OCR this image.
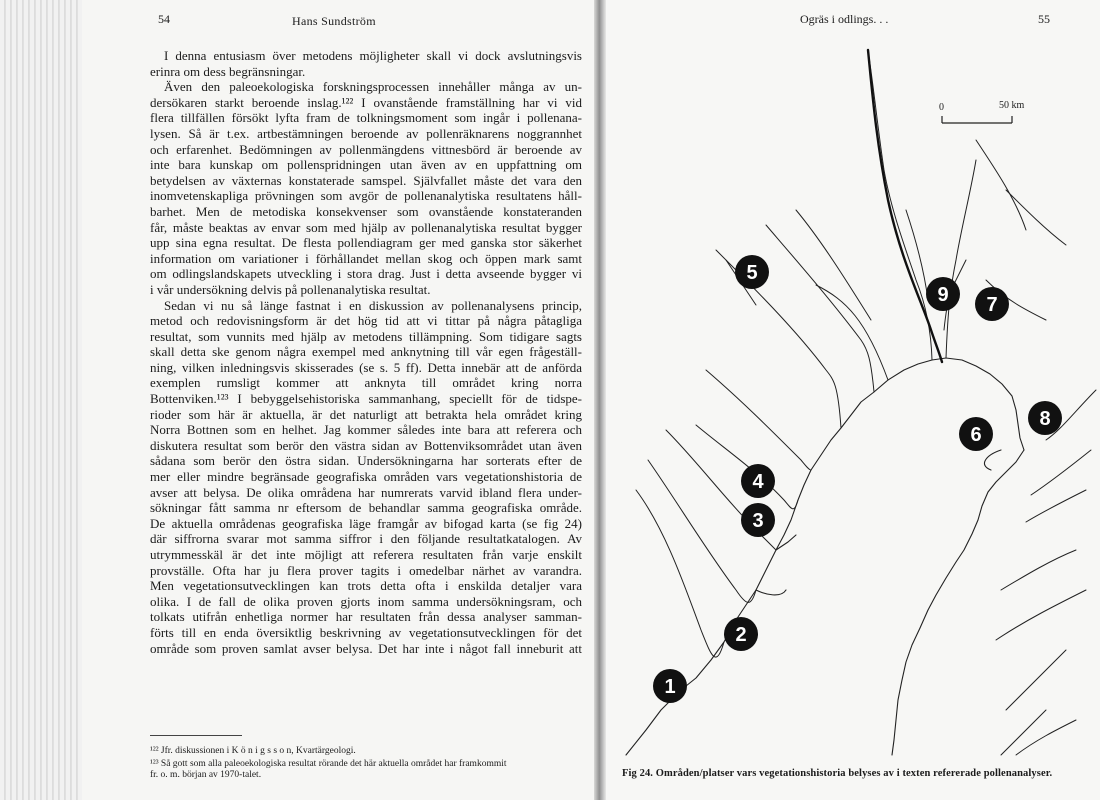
54	Hans Sundström	Ogräs i odlings. . .	55
I denna entusiasm över metodens möjligheter skall vi dock avslutningsvis
erinra om dess begränsningar.
Även den paleoekologiska forskningsprocessen innehåller många av un-
dersökaren starkt beroende inslag.¹²² I ovanstående framställning har vi vid
flera tillfällen försökt lyfta fram de tolkningsmoment som ingår i pollenana-
lysen. Så är t.ex. artbestämningen beroende av pollenräknarens noggrannhet
och erfarenhet. Bedömningen av pollenmängdens vittnesbörd är beroende av
inte bara kunskap om pollenspridningen utan även av en uppfattning om
betydelsen av växternas konstaterade samspel. Självfallet måste det vara den
inomvetenskapliga prövningen som avgör de pollenanalytiska resultatens håll-
barhet. Men de metodiska konsekvenser som ovanstående konstateranden
får, måste beaktas av envar som med hjälp av pollenanalytiska resultat bygger
upp sina egna resultat. De flesta pollendiagram ger med ganska stor säkerhet
information om variationer i förhållandet mellan skog och öppen mark samt
om odlingslandskapets utveckling i stora drag. Just i detta avseende bygger vi
i vår undersökning delvis på pollenanalytiska resultat.
Sedan vi nu så länge fastnat i en diskussion av pollenanalysens princip,
metod och redovisningsform är det hög tid att vi tittar på några påtagliga
resultat, som vunnits med hjälp av metodens tillämpning. Som tidigare sagts
skall detta ske genom några exempel med anknytning till vår egen frågeställ-
ning, vilken inledningsvis skisserades (se s. 5 ff). Detta innebär att de anförda
exemplen rumsligt kommer att anknyta till området kring norra
Bottenviken.¹²³ I bebyggelsehistoriska sammanhang, speciellt för de tidspe-
rioder som här är aktuella, är det naturligt att betrakta hela området kring
Norra Bottnen som en helhet. Jag kommer således inte bara att referera och
diskutera resultat som berör den västra sidan av Bottenviksområdet utan även
sådana som berör den östra sidan. Undersökningarna har sorterats efter de
mer eller mindre begränsade geografiska områden vars vegetationshistoria de
avser att belysa. De olika områdena har numrerats varvid ibland flera under-
sökningar fått samma nr eftersom de behandlar samma geografiska område.
De aktuella områdenas geografiska läge framgår av bifogad karta (se fig 24)
där siffrorna svarar mot samma siffror i den följande resultatkatalogen. Av
utrymmesskäl är det inte möjligt att referera resultaten från varje enskilt
provställe. Ofta har ju flera prover tagits i omedelbar närhet av varandra.
Men vegetationsutvecklingen kan trots detta ofta i enskilda detaljer vara
olika. I de fall de olika proven gjorts inom samma undersökningsram, och
tolkats utifrån enhetliga normer har resultaten från dessa analyser samman-
förts till en enda översiktlig beskrivning av vegetationsutvecklingen för det
område som proven samlat avser belysa. Det har inte i något fall inneburit att
¹²² Jfr. diskussionen i K ö n i g s s o n, Kvartärgeologi.
¹²³ Så gott som alla paleoekologiska resultat rörande det här aktuella området har framkommit
fr. o. m. början av 1970-talet.
0	50 km
1
2
3
4
5
6
7
8
9
Fig 24. Områden/platser vars vegetationshistoria belyses av i texten refererade pollenanalyser.
